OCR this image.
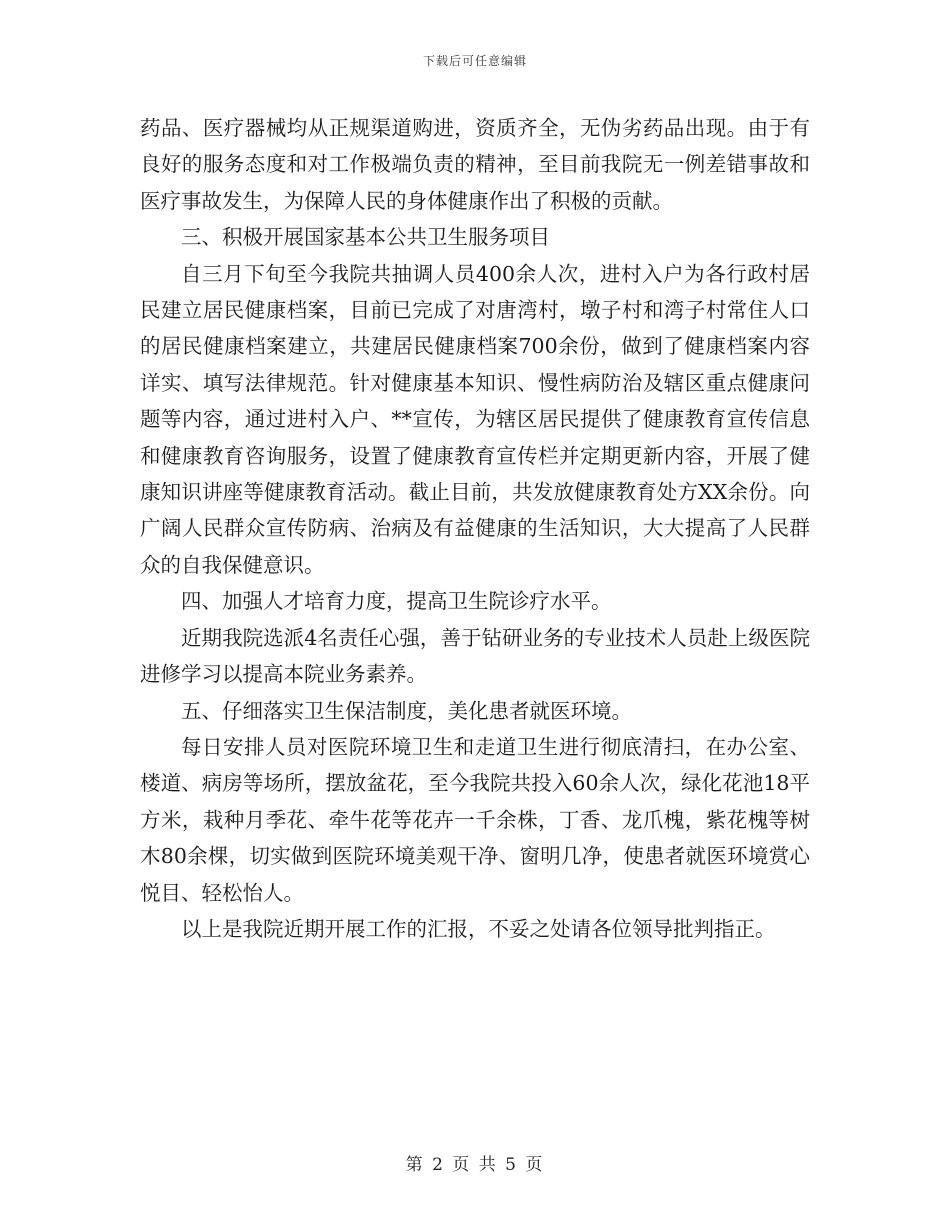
下载后可任意编辑

药品、医疗器械均从正规渠道购进，资质齐全，无伪劣药品出现。由于有良好的服务态度和对工作极端负责的精神，至目前我院无一例差错事故和医疗事故发生，为保障人民的身体健康作出了积极的贡献。

三、积极开展国家基本公共卫生服务项目

自三月下旬至今我院共抽调人员400余人次，进村入户为各行政村居民建立居民健康档案，目前已完成了对唐湾村，墩子村和湾子村常住人口的居民健康档案建立，共建居民健康档案700余份，做到了健康档案内容详实、填写法律规范。针对健康基本知识、慢性病防治及辖区重点健康问题等内容，通过进村入户、**宣传，为辖区居民提供了健康教育宣传信息和健康教育咨询服务，设置了健康教育宣传栏并定期更新内容，开展了健康知识讲座等健康教育活动。截止目前，共发放健康教育处方XX余份。向广阔人民群众宣传防病、治病及有益健康的生活知识，大大提高了人民群众的自我保健意识。

四、加强人才培育力度，提高卫生院诊疗水平。

近期我院选派4名责任心强，善于钻研业务的专业技术人员赴上级医院进修学习以提高本院业务素养。

五、仔细落实卫生保洁制度，美化患者就医环境。

每日安排人员对医院环境卫生和走道卫生进行彻底清扫，在办公室、楼道、病房等场所，摆放盆花，至今我院共投入60余人次，绿化花池18平方米，栽种月季花、牵牛花等花卉一千余株，丁香、龙爪槐，紫花槐等树木80余棵，切实做到医院环境美观干净、窗明几净，使患者就医环境赏心悦目、轻松怡人。

以上是我院近期开展工作的汇报，不妥之处请各位领导批判指正。

第 2 页 共 5 页
